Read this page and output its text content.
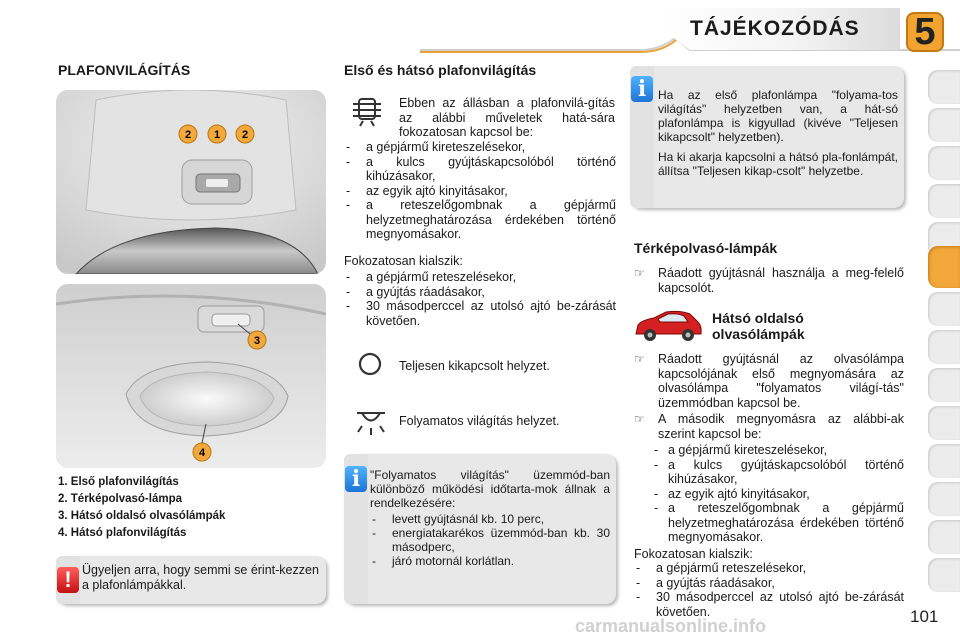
TÁJÉKOZÓDÁS 5
PLAFONVILÁGÍTÁS
2 1 2
3
4
1. Első plafonvilágítás
2. Térképolvasó-lámpa
3. Hátsó oldalsó olvasólámpák
4. Hátsó plafonvilágítás
! Ügyeljen arra, hogy semmi se érint-kezzen a plafonlámpákkal.
Első és hátsó plafonvilágítás
Ebben az állásban a plafonvilá-gítás az alábbi műveletek hatá-sára fokozatosan kapcsol be:
- a gépjármű kireteszelésekor,
- a kulcs gyújtáskapcsolóból történő kihúzásakor,
- az egyik ajtó kinyitásakor,
- a reteszelőgombnak a gépjármű helyzetmeghatározása érdekében történő megnyomásakor.
Fokozatosan kialszik:
- a gépjármű reteszelésekor,
- a gyújtás ráadásakor,
- 30 másodperccel az utolsó ajtó be-zárását követően.
Teljesen kikapcsolt helyzet.
Folyamatos világítás helyzet.
i "Folyamatos világítás" üzemmód-ban különböző működési időtarta-mok állnak a rendelkezésére:
- levett gyújtásnál kb. 10 perc,
- energiatakarékos üzemmód-ban kb. 30 másodperc,
- járó motornál korlátlan.
i Ha az első plafonlámpa "folyama-tos világítás" helyzetben van, a hát-só plafonlámpa is kigyullad (kivéve "Teljesen kikapcsolt" helyzetben).

Ha ki akarja kapcsolni a hátsó pla-fonlámpát, állítsa "Teljesen kikap-csolt" helyzetbe.

Térképolvasó-lámpák
☞ Ráadott gyújtásnál használja a meg-felelő kapcsolót.
Hátsó oldalsó
olvasólámpák
☞ Ráadott gyújtásnál az olvasólámpa kapcsolójának első megnyomására az olvasólámpa "folyamatos világí-tás" üzemmódban kapcsol be.
☞ A második megnyomásra az alábbi-ak szerint kapcsol be:
- a gépjármű kireteszelésekor,
- a kulcs gyújtáskapcsolóból történő kihúzásakor,
- az egyik ajtó kinyitásakor,
- a reteszelőgombnak a gépjármű helyzetmeghatározása érdekében történő megnyomásakor.
Fokozatosan kialszik:
- a gépjármű reteszelésekor,
- a gyújtás ráadásakor,
- 30 másodperccel az utolsó ajtó be-zárását követően.
carmanualsonline.info	101
